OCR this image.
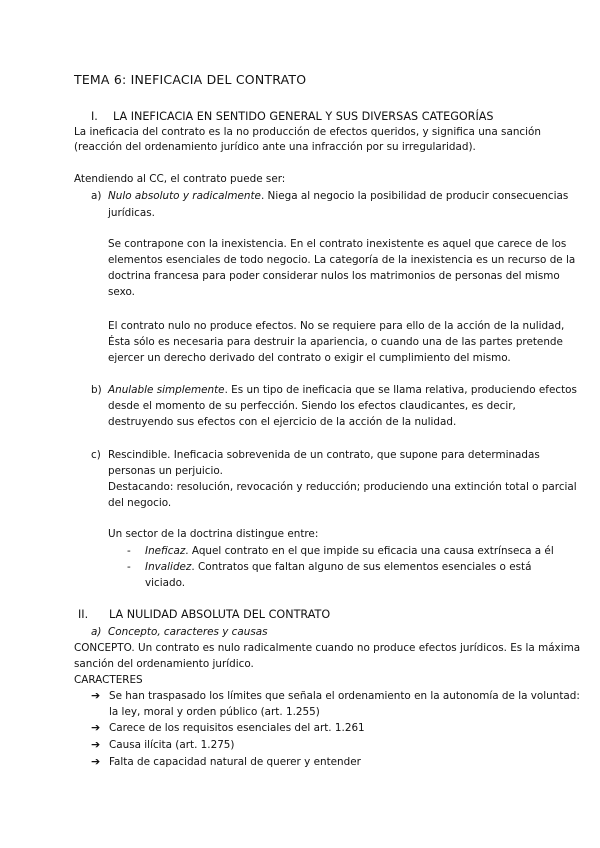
TEMA 6: INEFICACIA DEL CONTRATO
I. LA INEFICACIA EN SENTIDO GENERAL Y SUS DIVERSAS CATEGORÍAS
La ineficacia del contrato es la no producción de efectos queridos, y significa una sanción
(reacción del ordenamiento jurídico ante una infracción por su irregularidad).
Atendiendo al CC, el contrato puede ser:
a) Nulo absoluto y radicalmente. Niega al negocio la posibilidad de producir consecuencias
jurídicas.
Se contrapone con la inexistencia. En el contrato inexistente es aquel que carece de los
elementos esenciales de todo negocio. La categoría de la inexistencia es un recurso de la
doctrina francesa para poder considerar nulos los matrimonios de personas del mismo
sexo.
El contrato nulo no produce efectos. No se requiere para ello de la acción de la nulidad,
Ésta sólo es necesaria para destruir la apariencia, o cuando una de las partes pretende
ejercer un derecho derivado del contrato o exigir el cumplimiento del mismo.
b) Anulable simplemente. Es un tipo de ineficacia que se llama relativa, produciendo efectos
desde el momento de su perfección. Siendo los efectos claudicantes, es decir,
destruyendo sus efectos con el ejercicio de la acción de la nulidad.
c) Rescindible. Ineficacia sobrevenida de un contrato, que supone para determinadas
personas un perjuicio.
Destacando: resolución, revocación y reducción; produciendo una extinción total o parcial
del negocio.
Un sector de la doctrina distingue entre:
- Ineficaz. Aquel contrato en el que impide su eficacia una causa extrínseca a él
- Invalidez. Contratos que faltan alguno de sus elementos esenciales o está
viciado.
II. LA NULIDAD ABSOLUTA DEL CONTRATO
a) Concepto, caracteres y causas
CONCEPTO. Un contrato es nulo radicalmente cuando no produce efectos jurídicos. Es la máxima
sanción del ordenamiento jurídico.
CARACTERES
➔ Se han traspasado los límites que señala el ordenamiento en la autonomía de la voluntad:
la ley, moral y orden público (art. 1.255)
➔ Carece de los requisitos esenciales del art. 1.261
➔ Causa ilícita (art. 1.275)
➔ Falta de capacidad natural de querer y entender
